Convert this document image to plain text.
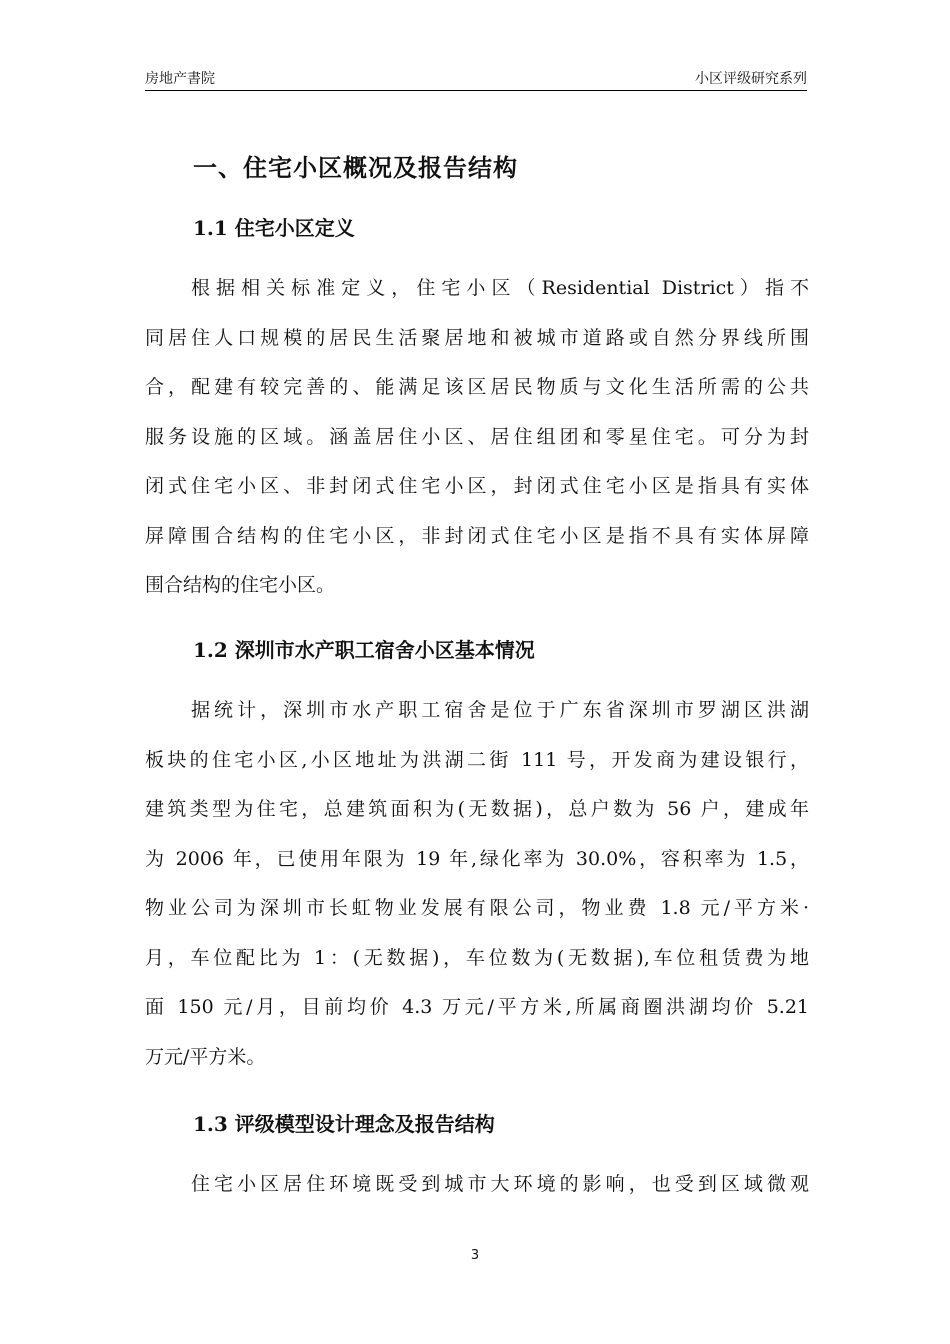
房地产書院	小区评级研究系列
一、住宅小区概况及报告结构
1.1 住宅小区定义
根据相关标准定义，住宅小区（Residential District）指不
同居住人口规模的居民生活聚居地和被城市道路或自然分界线所围
合，配建有较完善的、能满足该区居民物质与文化生活所需的公共
服务设施的区域。涵盖居住小区、居住组团和零星住宅。可分为封
闭式住宅小区、非封闭式住宅小区，封闭式住宅小区是指具有实体
屏障围合结构的住宅小区，非封闭式住宅小区是指不具有实体屏障
围合结构的住宅小区。
1.2 深圳市水产职工宿舍小区基本情况
据统计，深圳市水产职工宿舍是位于广东省深圳市罗湖区洪湖
板块的住宅小区,小区地址为洪湖二街 111 号，开发商为建设银行，
建筑类型为住宅，总建筑面积为(无数据)，总户数为 56 户，建成年
为 2006 年，已使用年限为 19 年,绿化率为 30.0%，容积率为 1.5，
物业公司为深圳市长虹物业发展有限公司，物业费 1.8 元/平方米·
月，车位配比为 1：(无数据)，车位数为(无数据),车位租赁费为地
面 150 元/月，目前均价 4.3 万元/平方米,所属商圈洪湖均价 5.21
万元/平方米。
1.3 评级模型设计理念及报告结构
住宅小区居住环境既受到城市大环境的影响，也受到区域微观
3
